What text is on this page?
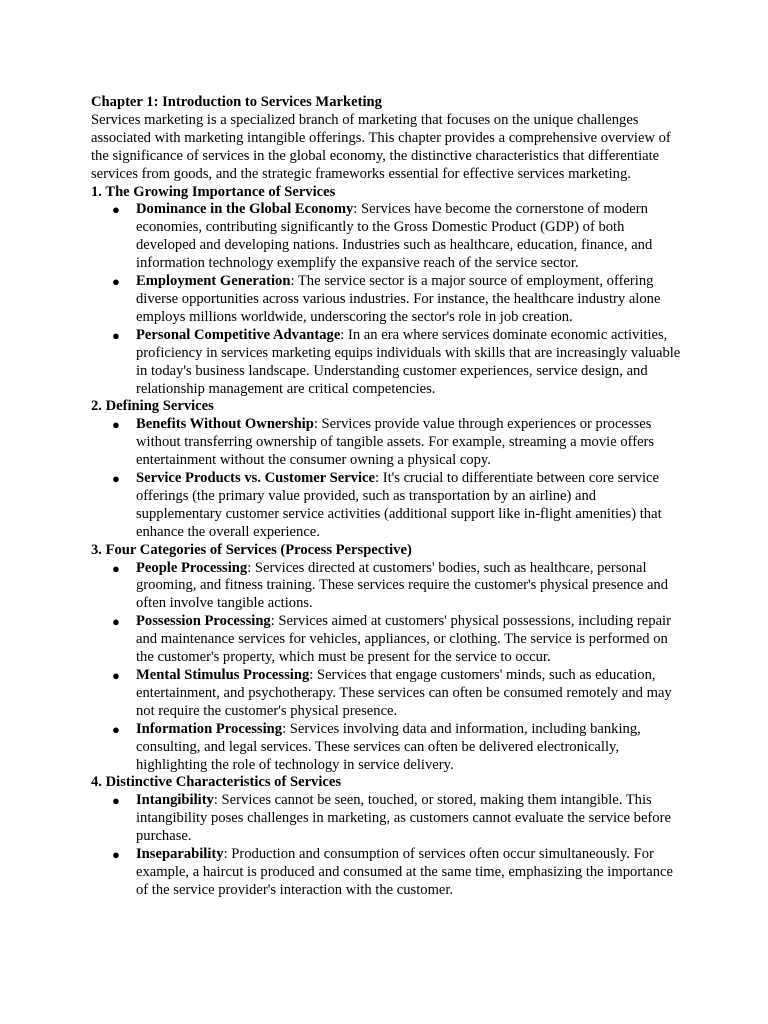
Chapter 1: Introduction to Services Marketing

Services marketing is a specialized branch of marketing that focuses on the unique challenges associated with marketing intangible offerings. This chapter provides a comprehensive overview of the significance of services in the global economy, the distinctive characteristics that differentiate services from goods, and the strategic frameworks essential for effective services marketing.

1. The Growing Importance of Services
● Dominance in the Global Economy: Services have become the cornerstone of modern economies, contributing significantly to the Gross Domestic Product (GDP) of both developed and developing nations. Industries such as healthcare, education, finance, and information technology exemplify the expansive reach of the service sector.
● Employment Generation: The service sector is a major source of employment, offering diverse opportunities across various industries. For instance, the healthcare industry alone employs millions worldwide, underscoring the sector's role in job creation.
● Personal Competitive Advantage: In an era where services dominate economic activities, proficiency in services marketing equips individuals with skills that are increasingly valuable in today's business landscape. Understanding customer experiences, service design, and relationship management are critical competencies.
2. Defining Services
● Benefits Without Ownership: Services provide value through experiences or processes without transferring ownership of tangible assets. For example, streaming a movie offers entertainment without the consumer owning a physical copy.
● Service Products vs. Customer Service: It's crucial to differentiate between core service offerings (the primary value provided, such as transportation by an airline) and supplementary customer service activities (additional support like in-flight amenities) that enhance the overall experience.
3. Four Categories of Services (Process Perspective)
● People Processing: Services directed at customers' bodies, such as healthcare, personal grooming, and fitness training. These services require the customer's physical presence and often involve tangible actions.
● Possession Processing: Services aimed at customers' physical possessions, including repair and maintenance services for vehicles, appliances, or clothing. The service is performed on the customer's property, which must be present for the service to occur.
● Mental Stimulus Processing: Services that engage customers' minds, such as education, entertainment, and psychotherapy. These services can often be consumed remotely and may not require the customer's physical presence.
● Information Processing: Services involving data and information, including banking, consulting, and legal services. These services can often be delivered electronically, highlighting the role of technology in service delivery.
4. Distinctive Characteristics of Services
● Intangibility: Services cannot be seen, touched, or stored, making them intangible. This intangibility poses challenges in marketing, as customers cannot evaluate the service before purchase.
● Inseparability: Production and consumption of services often occur simultaneously. For example, a haircut is produced and consumed at the same time, emphasizing the importance of the service provider's interaction with the customer.
